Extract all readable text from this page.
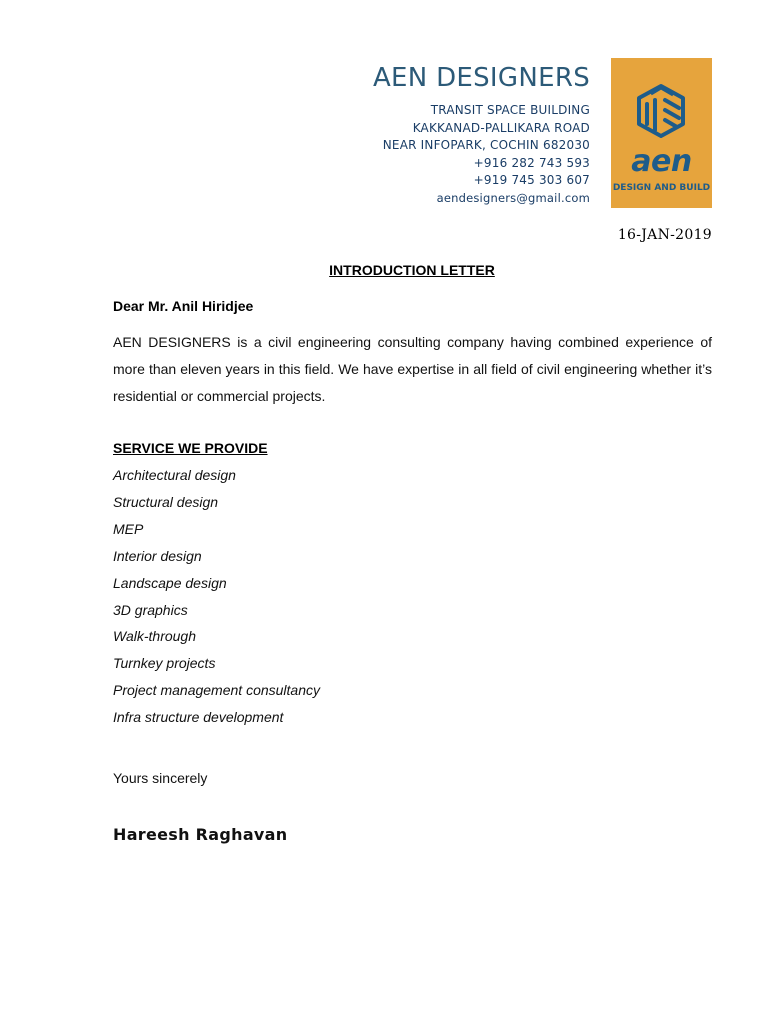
AEN DESIGNERS
TRANSIT SPACE BUILDING
KAKKANAD-PALLIKARA ROAD
NEAR INFOPARK, COCHIN 682030
+916 282 743 593
+919 745 303 607
aendesigners@gmail.com
aen
DESIGN AND BUILD
16-JAN-2019
INTRODUCTION LETTER
Dear Mr. Anil Hiridjee
AEN DESIGNERS is a civil engineering consulting company having combined experience of more than eleven years in this field. We have expertise in all field of civil engineering whether it’s residential or commercial projects.
SERVICE WE PROVIDE
Architectural design
Structural design
MEP
Interior design
Landscape design
3D graphics
Walk-through
Turnkey projects
Project management consultancy
Infra structure development
Yours sincerely
Hareesh Raghavan
